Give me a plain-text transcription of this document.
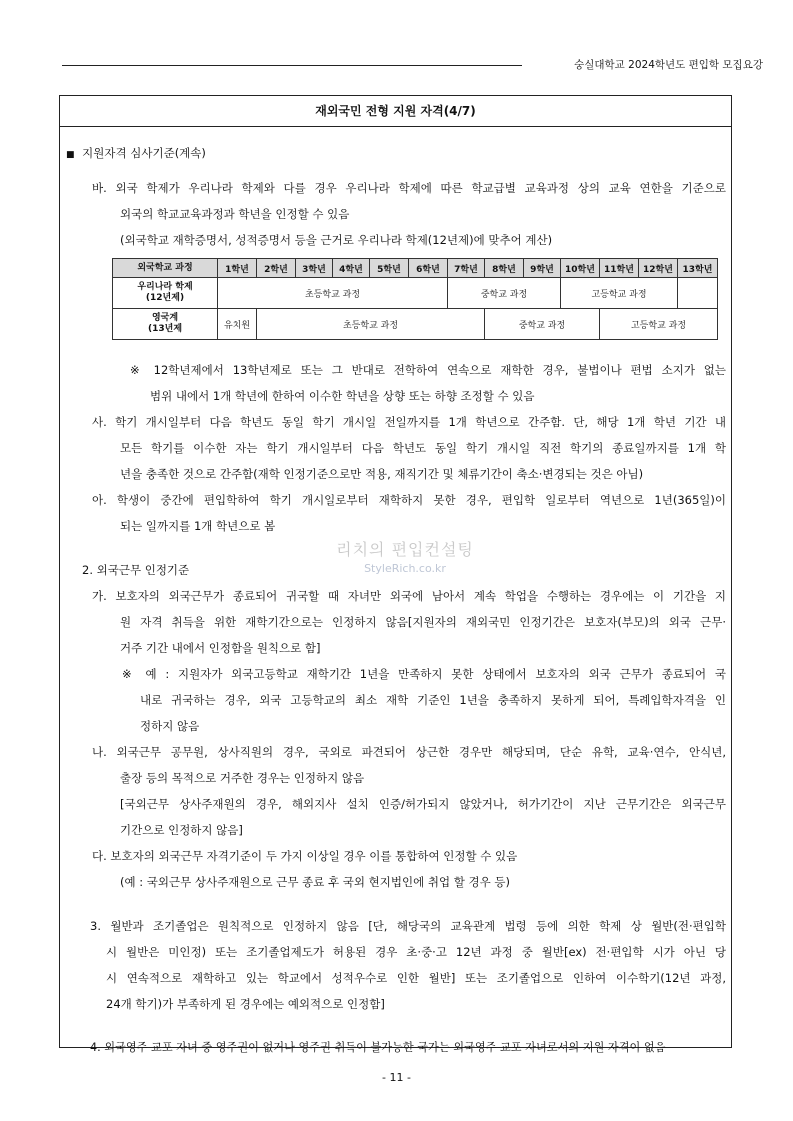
숭실대학교 2024학년도 편입학 모집요강
재외국민 전형 지원 자격(4/7)
■ 지원자격 심사기준(계속)
바. 외국 학제가 우리나라 학제와 다를 경우 우리나라 학제에 따른 학교급별 교육과정 상의 교육 연한을 기준으로
외국의 학교교육과정과 학년을 인정할 수 있음
(외국학교 재학증명서, 성적증명서 등을 근거로 우리나라 학제(12년제)에 맞추어 계산)
외국학교 과정	1학년	2학년	3학년	4학년	5학년	6학년	7학년	8학년	9학년	10학년	11학년	12학년	13학년

우리나라 학제
(12년제)	초등학교 과정						중학교 과정			고등학교 과정			

영국계
(13년제	유치원	초등학교 과정						중학교 과정			고등학교 과정		
※ 12학년제에서 13학년제로 또는 그 반대로 전학하여 연속으로 재학한 경우, 불법이나 편법 소지가 없는
범위 내에서 1개 학년에 한하여 이수한 학년을 상향 또는 하향 조정할 수 있음
사. 학기 개시일부터 다음 학년도 동일 학기 개시일 전일까지를 1개 학년으로 간주함. 단, 해당 1개 학년 기간 내
모든 학기를 이수한 자는 학기 개시일부터 다음 학년도 동일 학기 개시일 직전 학기의 종료일까지를 1개 학
년을 충족한 것으로 간주함(재학 인정기준으로만 적용, 재직기간 및 체류기간이 축소·변경되는 것은 아님)
아. 학생이 중간에 편입학하여 학기 개시일로부터 재학하지 못한 경우, 편입학 일로부터 역년으로 1년(365일)이
되는 일까지를 1개 학년으로 봄
2. 외국근무 인정기준
가. 보호자의 외국근무가 종료되어 귀국할 때 자녀만 외국에 남아서 계속 학업을 수행하는 경우에는 이 기간을 지
원 자격 취득을 위한 재학기간으로는 인정하지 않음[지원자의 재외국민 인정기간은 보호자(부모)의 외국 근무·
거주 기간 내에서 인정함을 원칙으로 함]
※ 예 : 지원자가 외국고등학교 재학기간 1년을 만족하지 못한 상태에서 보호자의 외국 근무가 종료되어 국
내로 귀국하는 경우, 외국 고등학교의 최소 재학 기준인 1년을 충족하지 못하게 되어, 특례입학자격을 인
정하지 않음
나. 외국근무 공무원, 상사직원의 경우, 국외로 파견되어 상근한 경우만 해당되며, 단순 유학, 교육·연수, 안식년,
출장 등의 목적으로 거주한 경우는 인정하지 않음
[국외근무 상사주재원의 경우, 해외지사 설치 인증/허가되지 않았거나, 허가기간이 지난 근무기간은 외국근무
기간으로 인정하지 않음]
다. 보호자의 외국근무 자격기준이 두 가지 이상일 경우 이를 통합하여 인정할 수 있음
(예 : 국외근무 상사주재원으로 근무 종료 후 국외 현지법인에 취업 할 경우 등)
3. 월반과 조기졸업은 원칙적으로 인정하지 않음 [단, 해당국의 교육관계 법령 등에 의한 학제 상 월반(전·편입학
시 월반은 미인정) 또는 조기졸업제도가 허용된 경우 초·중·고 12년 과정 중 월반[ex) 전·편입학 시가 아닌 당
시 연속적으로 재학하고 있는 학교에서 성적우수로 인한 월반] 또는 조기졸업으로 인하여 이수학기(12년 과정,
24개 학기)가 부족하게 된 경우에는 예외적으로 인정함]
4. 외국영주 교포 자녀 중 영주권이 없거나 영주권 취득이 불가능한 국가는 외국영주 교포 자녀로서의 지원 자격이 없음
리치의 편입컨설팅
StyleRich.co.kr
- 11 -
